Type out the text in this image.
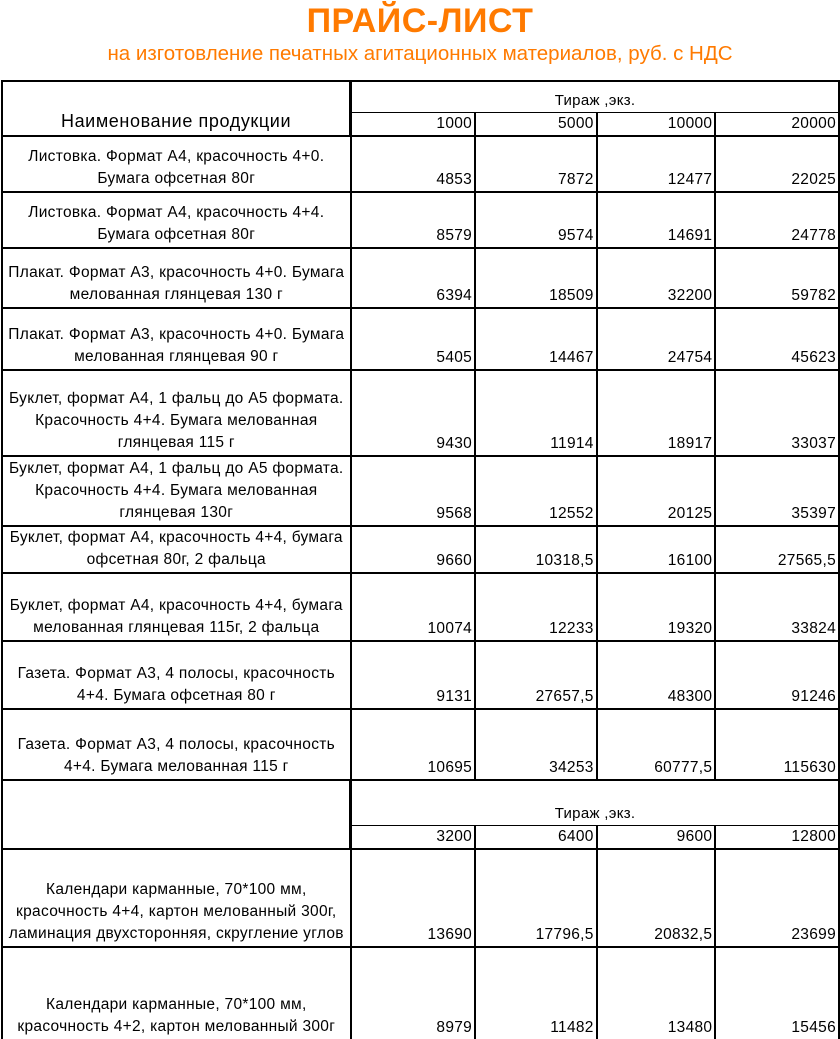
ПРАЙС-ЛИСТ
на изготовление печатных агитационных материалов, руб. с НДС
Наименование продукции	Тираж ,экз.			
	1000	5000	10000	20000
Листовка. Формат А4, красочность 4+0. Бумага офсетная 80г	4853	7872	12477	22025
Листовка. Формат А4, красочность 4+4. Бумага офсетная 80г	8579	9574	14691	24778
Плакат. Формат А3, красочность 4+0. Бумага мелованная глянцевая 130 г	6394	18509	32200	59782
Плакат. Формат А3, красочность 4+0. Бумага мелованная глянцевая 90 г	5405	14467	24754	45623
Буклет, формат А4, 1 фальц до А5 формата. Красочность 4+4. Бумага мелованная глянцевая 115 г	9430	11914	18917	33037
Буклет, формат А4, 1 фальц до А5 формата. Красочность 4+4. Бумага мелованная глянцевая 130г	9568	12552	20125	35397
Буклет, формат А4, красочность 4+4, бумага офсетная 80г, 2 фальца	9660	10318,5	16100	27565,5
Буклет, формат А4, красочность 4+4, бумага мелованная глянцевая 115г, 2 фальца	10074	12233	19320	33824
Газета. Формат А3, 4 полосы, красочность 4+4. Бумага офсетная 80 г	9131	27657,5	48300	91246
Газета. Формат А3, 4 полосы, красочность 4+4. Бумага мелованная 115 г	10695	34253	60777,5	115630
	Тираж ,экз.			
	3200	6400	9600	12800
Календари карманные, 70*100 мм, красочность 4+4, картон мелованный 300г, ламинация двухсторонняя, скругление углов	13690	17796,5	20832,5	23699
Календари карманные, 70*100 мм, красочность 4+2, картон мелованный 300г	8979	11482	13480	15456
